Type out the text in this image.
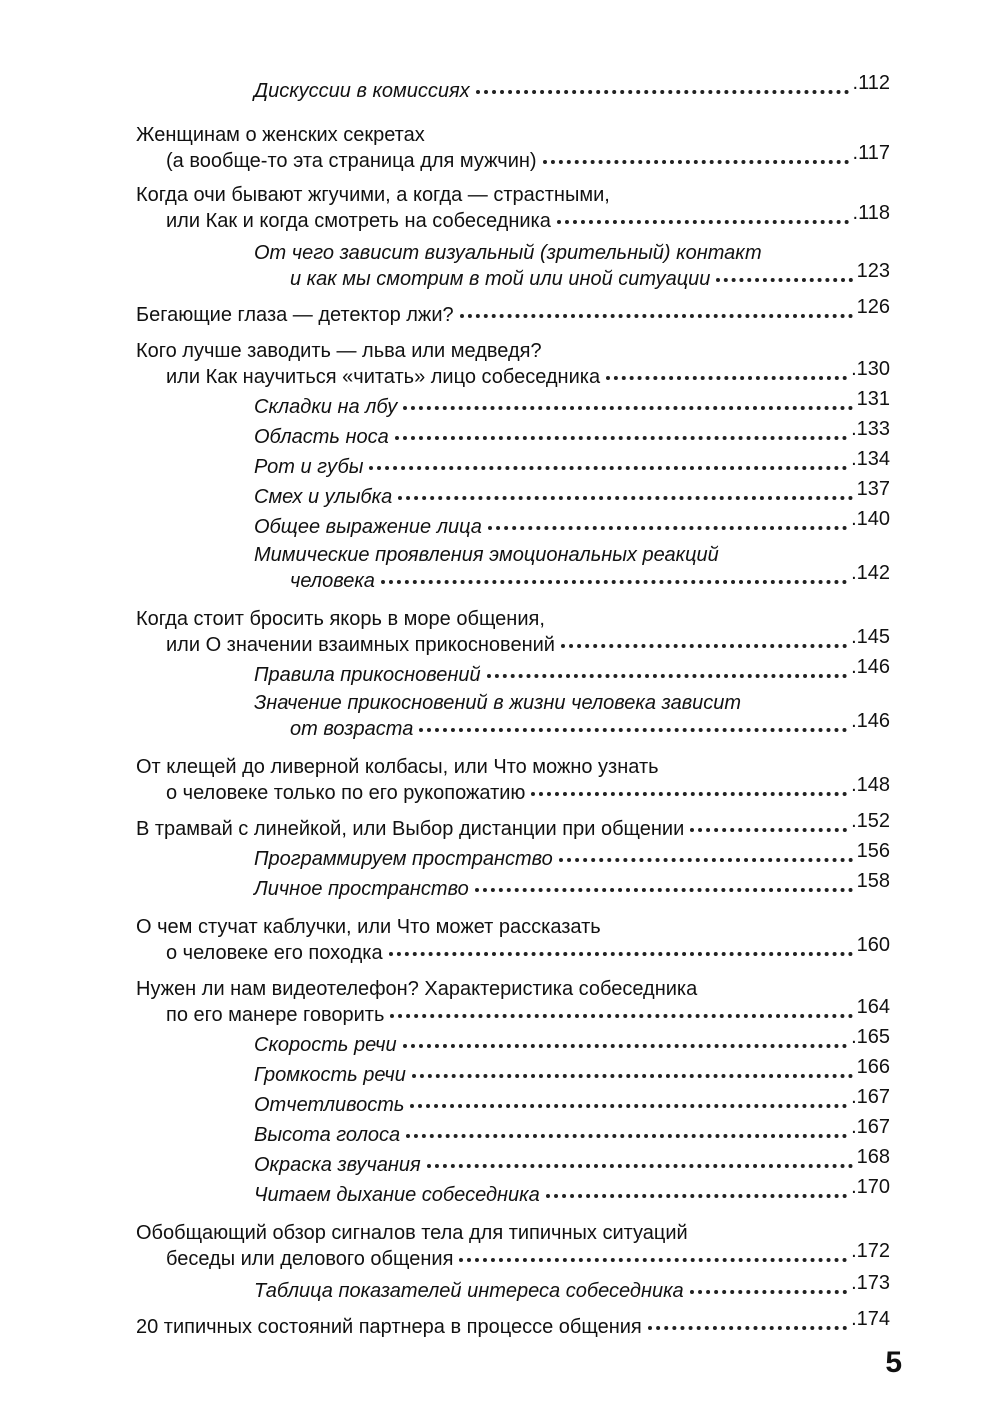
Дискуссии в комиссиях	.112
Женщинам о женских секретах
(а вообще-то эта страница для мужчин)	.117
Когда очи бывают жгучими, а когда — страстными,
или Как и когда смотреть на собеседника	.118
От чего зависит визуальный (зрительный) контакт
и как мы смотрим в той или иной ситуации	123
Бегающие глаза — детектор лжи?	126
Кого лучше заводить — льва или медведя?
или Как научиться «читать» лицо собеседника	.130
Складки на лбу	131
Область носа	.133
Рот и губы	.134
Смех и улыбка	137
Общее выражение лица	.140
Мимические проявления эмоциональных реакций
человека	.142
Когда стоит бросить якорь в море общения,
или О значении взаимных прикосновений	.145
Правила прикосновений	.146
Значение прикосновений в жизни человека зависит
от возраста	.146
От клещей до ливерной колбасы, или Что можно узнать
о человеке только по его рукопожатию	.148
В трамвай с линейкой, или Выбор дистанции при общении	.152
Программируем пространство	156
Личное пространство	158
О чем стучат каблучки, или Что может рассказать
о человеке его походка	160
Нужен ли нам видеотелефон? Характеристика собеседника
по его манере говорить	164
Скорость речи	.165
Громкость речи	166
Отчетливость	.167
Высота голоса	.167
Окраска звучания	168
Читаем дыхание собеседника	.170
Обобщающий обзор сигналов тела для типичных ситуаций
беседы или делового общения	.172
Таблица показателей интереса собеседника	.173
20 типичных состояний партнера в процессе общения	.174
5
